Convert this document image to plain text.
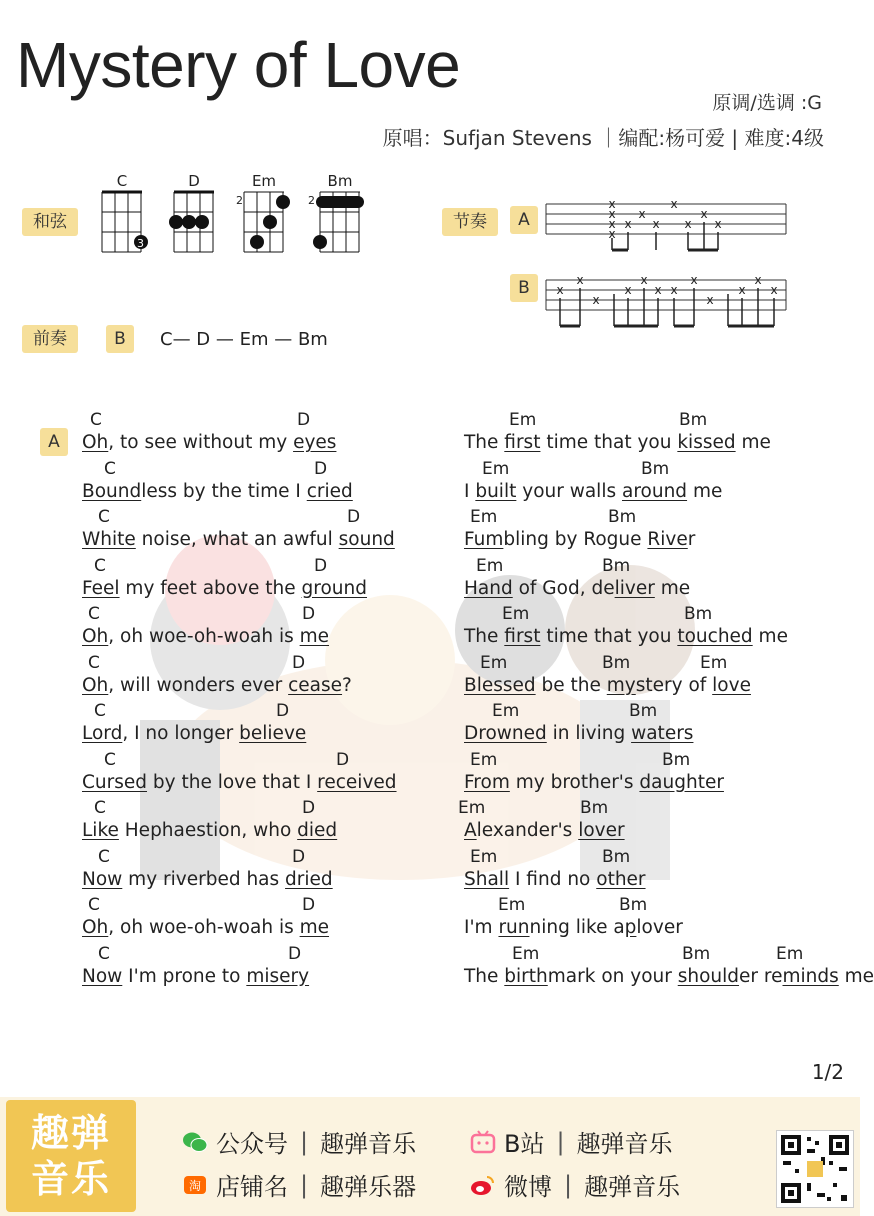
Mystery of Love
原调/选调 :G
原唱：Sufjan Stevens ｜编配:杨可爱 | 难度:4级
和弦
C
3
D	Em
2
Bm
2
节奏	A
x
x
x
x
x
x
x
x
x
x
x
B	x
x
x
x
x
x x
x
x
x
x
x
前奏	B	C— D — Em — Bm
A
C	D
Oh, to see without my eyes
C	D
Boundless by the time I cried
C	D
White noise, what an awful sound
C	D
Feel my feet above the ground
C	D
Oh, oh woe-oh-woah is me
C	D
Oh, will wonders ever cease?
C	D
Lord, I no longer believe
C	D
Cursed by the love that I received
C	D
Like Hephaestion, who died
C	D
Now my riverbed has dried
C	D
Oh, oh woe-oh-woah is me
C	D
Now I'm prone to misery
Em	Bm
The first time that you kissed me
Em	Bm
I built your walls around me
Em	Bm
Fumbling by Rogue River
Em	Bm
Hand of God, deliver me
Em	Bm
The first time that you touched me
Em	Bm	Em
Blessed be the mystery of love
Em	Bm
Drowned in living waters
Em	Bm
From my brother's daughter
Em	Bm
Alexander's lover
Em	Bm
Shall I find no other
Em	Bm
I'm running like aplover
Em	Bm	Em
The birthmark on your shoulder reminds me
1/2
趣弹
音乐
公众号 | 趣弹音乐
淘 店铺名 | 趣弹乐器
B站 | 趣弹音乐
微博 | 趣弹音乐
